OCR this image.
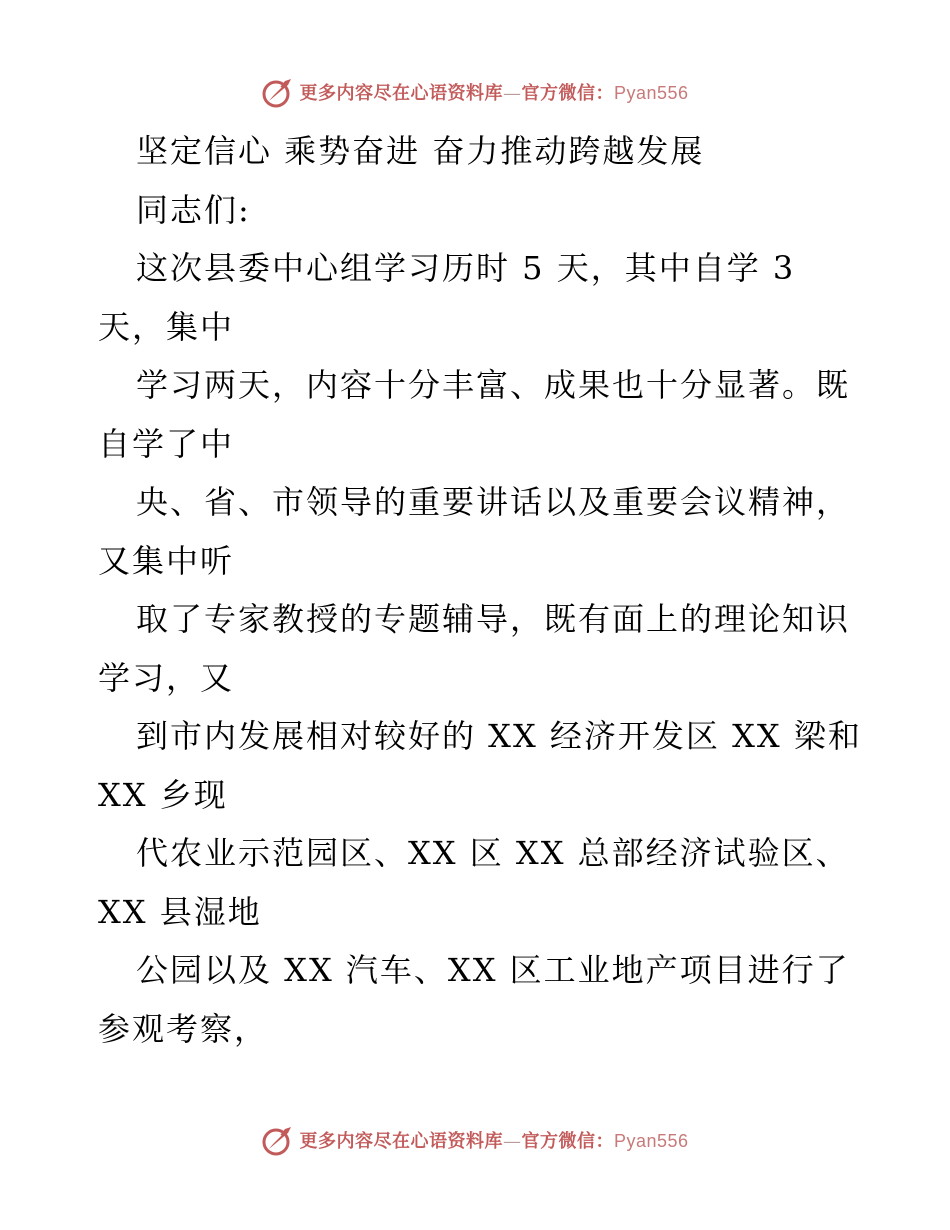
更多内容尽在心语资料库—官方微信：Pyan556
坚定信心 乘势奋进 奋力推动跨越发展
同志们:
这次县委中心组学习历时 5 天，其中自学 3
天，集中
学习两天，内容十分丰富、成果也十分显著。既
自学了中
央、省、市领导的重要讲话以及重要会议精神，
又集中听
取了专家教授的专题辅导，既有面上的理论知识
学习，又
到市内发展相对较好的 XX 经济开发区 XX 梁和
XX 乡现
代农业示范园区、XX 区 XX 总部经济试验区、
XX 县湿地
公园以及 XX 汽车、XX 区工业地产项目进行了
参观考察，
更多内容尽在心语资料库—官方微信：Pyan556
